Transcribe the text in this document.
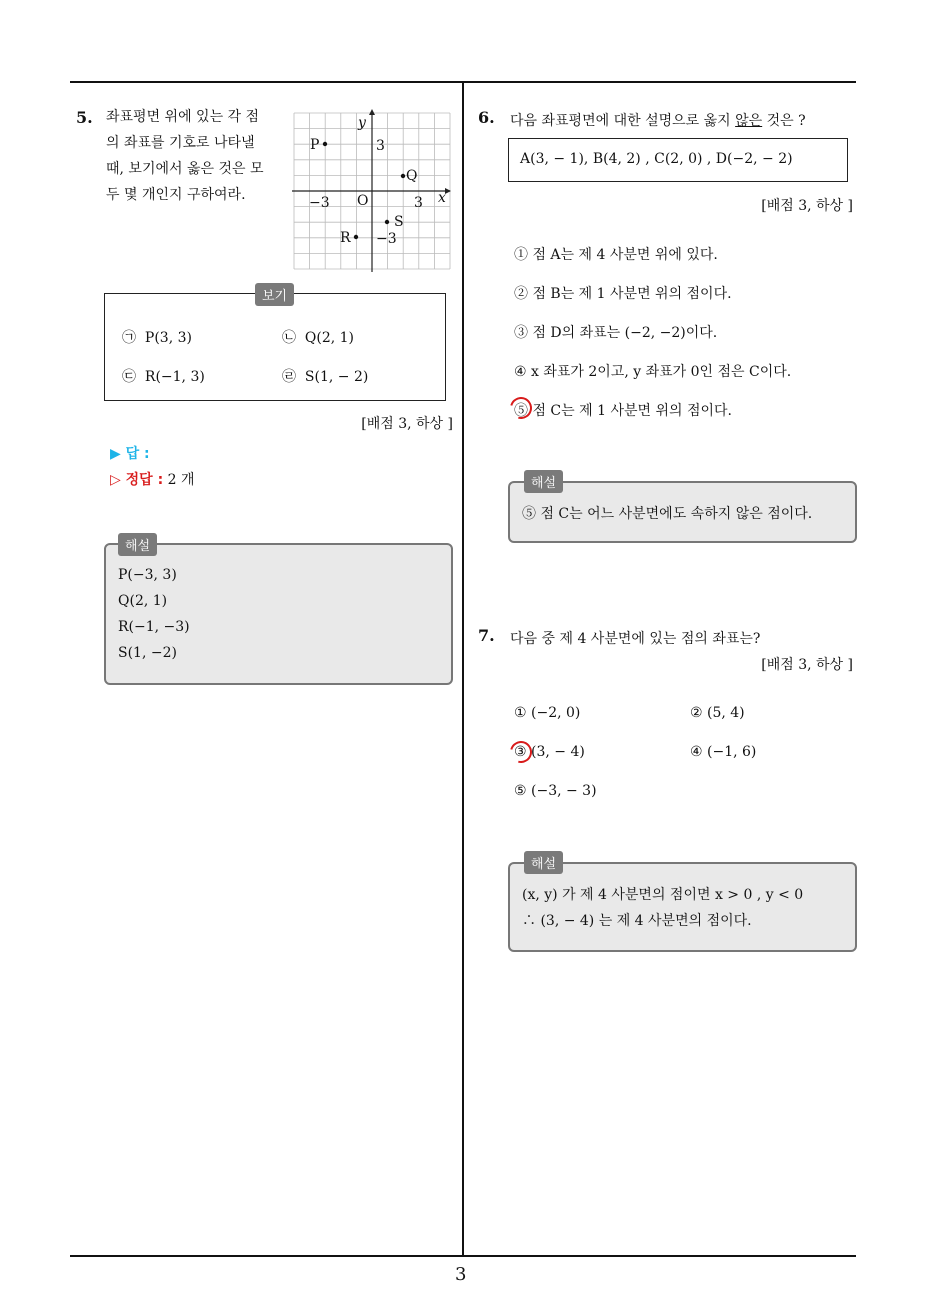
3
5. 좌표평면 위에 있는 각 점
의 좌표를 기호로 나타낼
때, 보기에서 옳은 것은 모
두 몇 개인지 구하여라.
y
x
O
3
−3	3
−3
P
Q
S
R
보기
㉠ P(3, 3)	㉡ Q(2, 1)
㉢ R(−1, 3)	㉣ S(1, − 2)
[배점 3, 하상 ]
▶ 답 :
▷ 정답 : 2 개
해설
P(−3, 3)
Q(2, 1)
R(−1, −3)
S(1, −2)
6. 다음 좌표평면에 대한 설명으로 옳지 않은 것은 ?
A(3, − 1), B(4, 2) , C(2, 0) , D(−2, − 2)
[배점 3, 하상 ]
① 점 A는 제 4 사분면 위에 있다.
② 점 B는 제 1 사분면 위의 점이다.
③ 점 D의 좌표는 (−2, −2)이다.
④ x 좌표가 2이고, y 좌표가 0인 점은 C이다.
⑤ 점 C는 제 1 사분면 위의 점이다.
해설
⑤ 점 C는 어느 사분면에도 속하지 않은 점이다.
7. 다음 중 제 4 사분면에 있는 점의 좌표는?
[배점 3, 하상 ]
① (−2, 0)	② (5, 4)
③ (3, − 4)	④ (−1, 6)
⑤ (−3, − 3)
해설
(x, y) 가 제 4 사분면의 점이면 x > 0 , y < 0
∴ (3, − 4) 는 제 4 사분면의 점이다.
